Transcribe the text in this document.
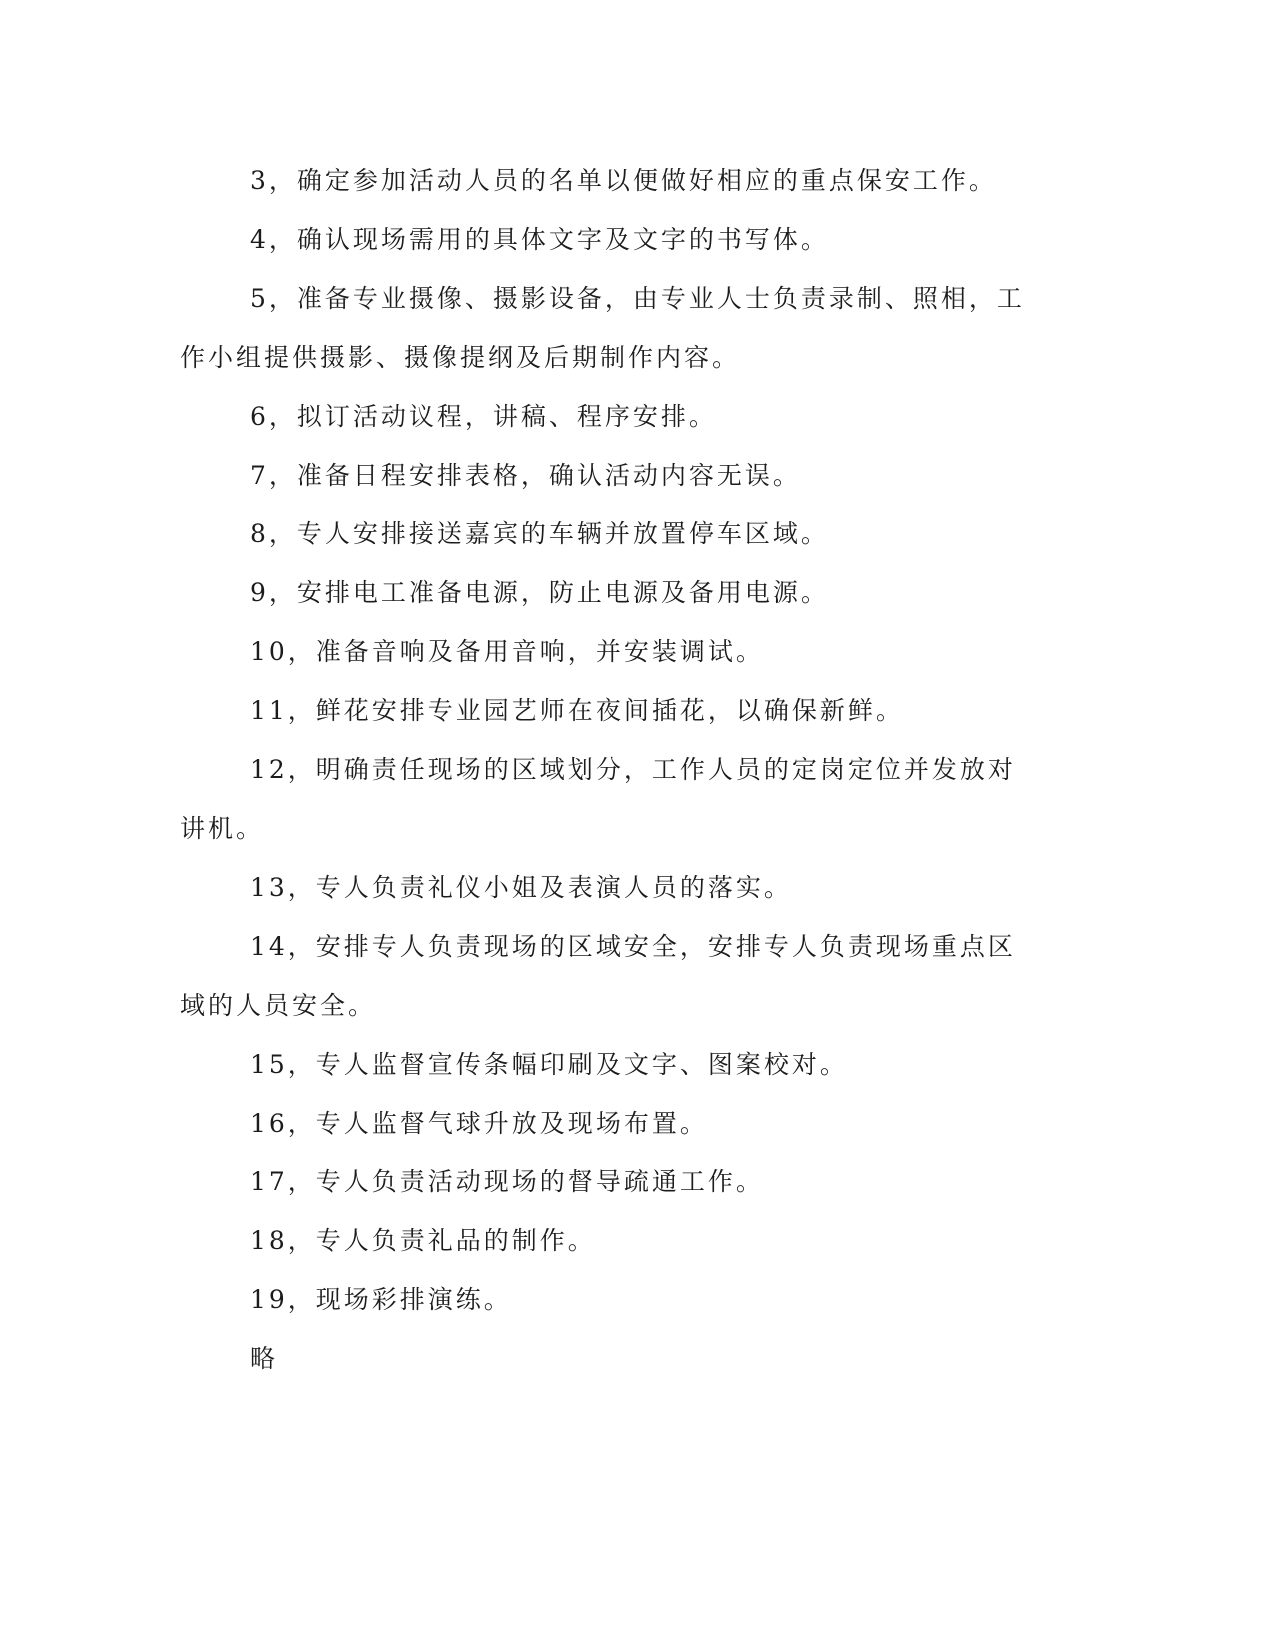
3，确定参加活动人员的名单以便做好相应的重点保安工作。

4，确认现场需用的具体文字及文字的书写体。

5，准备专业摄像、摄影设备，由专业人士负责录制、照相，工作小组提供摄影、摄像提纲及后期制作内容。

6，拟订活动议程，讲稿、程序安排。

7，准备日程安排表格，确认活动内容无误。

8，专人安排接送嘉宾的车辆并放置停车区域。

9，安排电工准备电源，防止电源及备用电源。

10，准备音响及备用音响，并安装调试。

11，鲜花安排专业园艺师在夜间插花，以确保新鲜。

12，明确责任现场的区域划分，工作人员的定岗定位并发放对讲机。

13，专人负责礼仪小姐及表演人员的落实。

14，安排专人负责现场的区域安全，安排专人负责现场重点区域的人员安全。

15，专人监督宣传条幅印刷及文字、图案校对。

16，专人监督气球升放及现场布置。

17，专人负责活动现场的督导疏通工作。

18，专人负责礼品的制作。

19，现场彩排演练。

略
